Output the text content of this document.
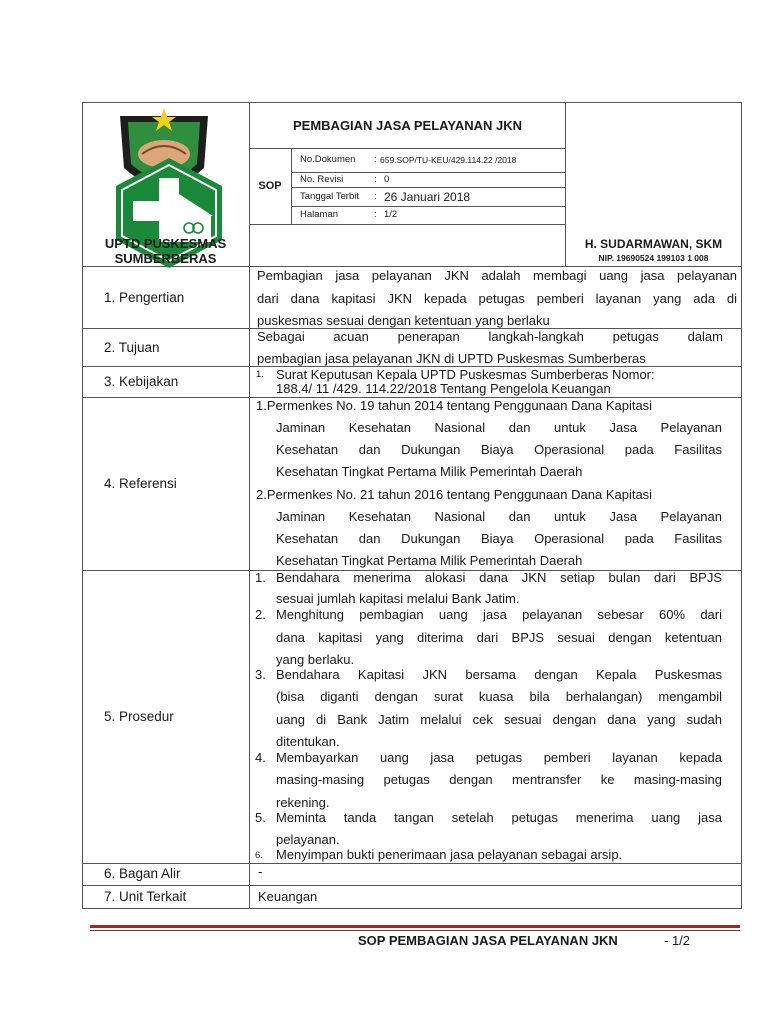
UPTD PUSKESMAS
SUMBERBERAS
PEMBAGIAN JASA PELAYANAN JKN
SOP
No.Dokumen : 659.SOP/TU-KEU/429.114.22 /2018
No. Revisi	: 0
Tanggal Terbit : 26 Januari 2018
Halaman	: 1/2
H. SUDARMAWAN, SKM
NIP. 19690524 199103 1 008
1. Pengertian
Pembagian jasa pelayanan JKN adalah membagi uang jasa pelayanan
dari dana kapitasi JKN kepada petugas pemberi layanan yang ada di
puskesmas sesuai dengan ketentuan yang berlaku
2. Tujuan
Sebagai acuan penerapan langkah-langkah petugas dalam
pembagian jasa pelayanan JKN di UPTD Puskesmas Sumberberas
3. Kebijakan	1. Surat Keputusan Kepala UPTD Puskesmas Sumberberas Nomor:
188.4/ 11 /429. 114.22/2018 Tentang Pengelola Keuangan
4. Referensi
1.Permenkes No. 19 tahun 2014 tentang Penggunaan Dana Kapitasi
Jaminan Kesehatan Nasional dan untuk Jasa Pelayanan
Kesehatan dan Dukungan Biaya Operasional pada Fasilitas
Kesehatan Tingkat Pertama Milik Pemerintah Daerah
2.Permenkes No. 21 tahun 2016 tentang Penggunaan Dana Kapitasi
Jaminan Kesehatan Nasional dan untuk Jasa Pelayanan
Kesehatan dan Dukungan Biaya Operasional pada Fasilitas
Kesehatan Tingkat Pertama Milik Pemerintah Daerah
5. Prosedur
1. Bendahara menerima alokasi dana JKN setiap bulan dari BPJS
sesuai jumlah kapitasi melalui Bank Jatim.
2. Menghitung pembagian uang jasa pelayanan sebesar 60% dari
dana kapitasi yang diterima dari BPJS sesuai dengan ketentuan
yang berlaku.
3. Bendahara Kapitasi JKN bersama dengan Kepala Puskesmas
(bisa diganti dengan surat kuasa bila berhalangan) mengambil
uang di Bank Jatim melalui cek sesuai dengan dana yang sudah
ditentukan.
4. Membayarkan uang jasa petugas pemberi layanan kepada
masing-masing petugas dengan mentransfer ke masing-masing
rekening.
5. Meminta tanda tangan setelah petugas menerima uang jasa
pelayanan.
6. Menyimpan bukti penerimaan jasa pelayanan sebagai arsip.
6. Bagan Alir	-
7. Unit Terkait	Keuangan
SOP PEMBAGIAN JASA PELAYANAN JKN	- 1/2
